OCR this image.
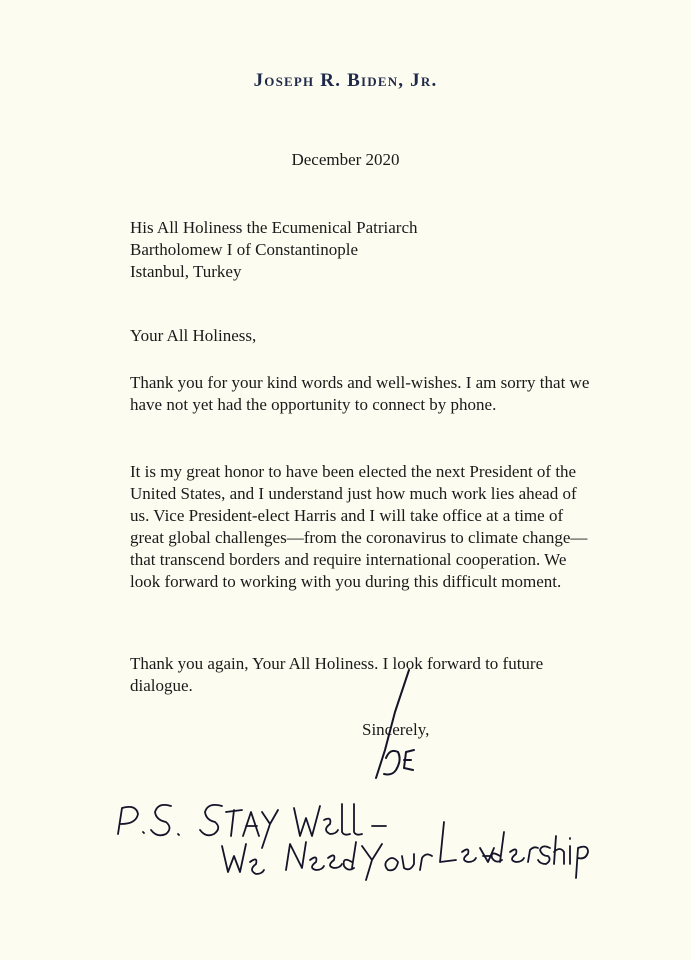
Joseph R. Biden, Jr.
December 2020
His All Holiness the Ecumenical Patriarch
Bartholomew I of Constantinople
Istanbul, Turkey
Your All Holiness,

Thank you for your kind words and well-wishes. I am sorry that we have not yet had the opportunity to connect by phone.

It is my great honor to have been elected the next President of the United States, and I understand just how much work lies ahead of us. Vice President-elect Harris and I will take office at a time of great global challenges—from the coronavirus to climate change—that transcend borders and require international cooperation. We look forward to working with you during this difficult moment.

Thank you again, Your All Holiness. I look forward to future dialogue.

Sincerely,
